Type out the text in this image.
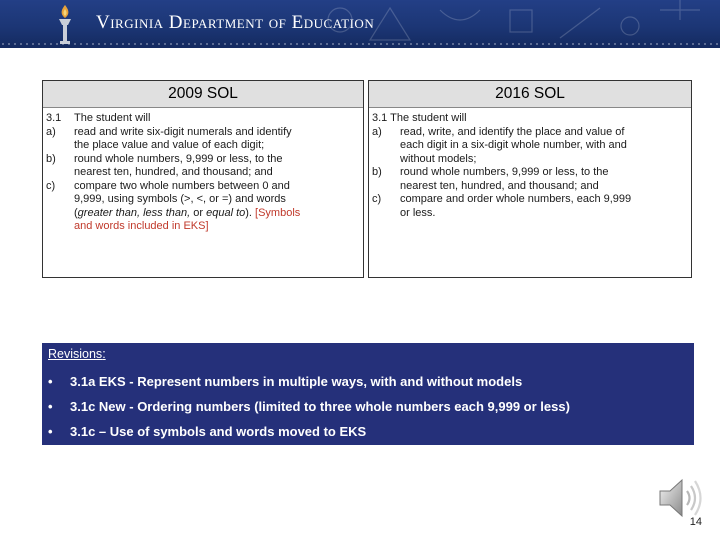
Virginia Department of Education
2009 SOL
3.1	The student will
a)	read and write six-digit numerals and identify
the place value and value of each digit;
b)	round whole numbers, 9,999 or less, to the
nearest ten, hundred, and thousand; and
c)	compare two whole numbers between 0 and
9,999, using symbols (>, <, or =) and words
(greater than, less than, or equal to). [Symbols
and words included in EKS]
2016 SOL
3.1 The student will
a)	read, write, and identify the place and value of
each digit in a six-digit whole number, with and
without models;
b)	round whole numbers, 9,999 or less, to the
nearest ten, hundred, and thousand; and
c)	compare and order whole numbers, each 9,999
or less.
Revisions:
• 3.1a EKS - Represent numbers in multiple ways, with and without models
• 3.1c New - Ordering numbers (limited to three whole numbers each 9,999 or less)
• 3.1c – Use of symbols and words moved to EKS
14
